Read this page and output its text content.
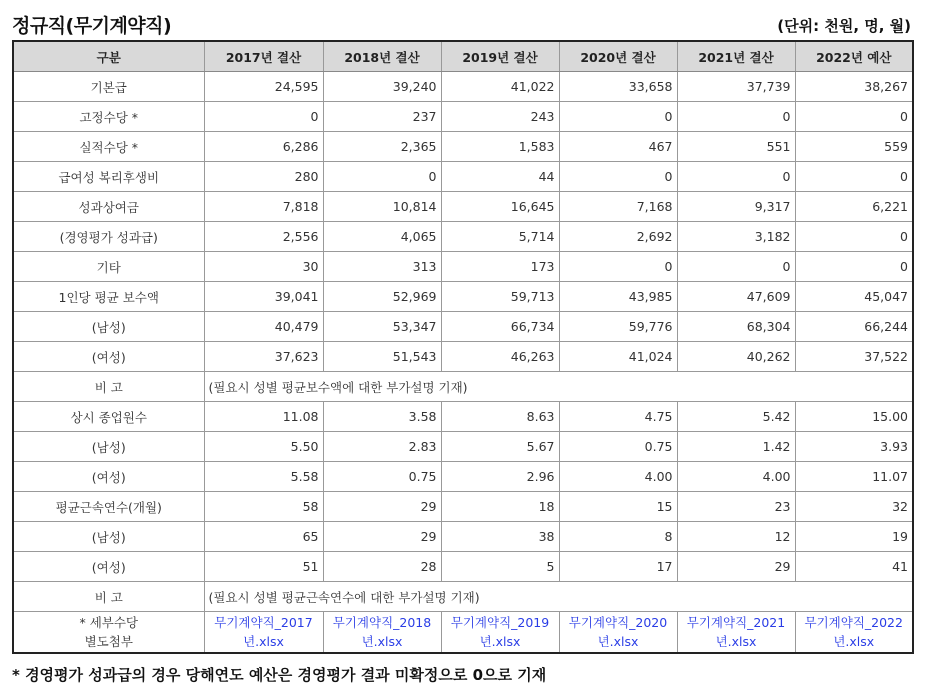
정규직(무기계약직)	(단위: 천원, 명, 월)
구분	2017년 결산	2018년 결산	2019년 결산	2020년 결산	2021년 결산	2022년 예산
기본급	24,595	39,240	41,022	33,658	37,739	38,267
고정수당 *	0	237	243	0	0	0
실적수당 *	6,286	2,365	1,583	467	551	559
급여성 복리후생비	280	0	44	0	0	0
성과상여금	7,818	10,814	16,645	7,168	9,317	6,221
(경영평가 성과급)	2,556	4,065	5,714	2,692	3,182	0
기타	30	313	173	0	0	0
1인당 평균 보수액	39,041	52,969	59,713	43,985	47,609	45,047
(남성)	40,479	53,347	66,734	59,776	68,304	66,244
(여성)	37,623	51,543	46,263	41,024	40,262	37,522
비 고	(필요시 성별 평균보수액에 대한 부가설명 기재)					
상시 종업원수	11.08	3.58	8.63	4.75	5.42	15.00
(남성)	5.50	2.83	5.67	0.75	1.42	3.93
(여성)	5.58	0.75	2.96	4.00	4.00	11.07
평균근속연수(개월)	58	29	18	15	23	32
(남성)	65	29	38	8	12	19
(여성)	51	28	5	17	29	41
비 고	(필요시 성별 평균근속연수에 대한 부가설명 기재)					

* 세부수당
별도첨부	무기계약직_2017년.xlsx	무기계약직_2018년.xlsx	무기계약직_2019년.xlsx	무기계약직_2020년.xlsx	무기계약직_2021년.xlsx	무기계약직_2022년.xlsx
* 경영평가 성과급의 경우 당해연도 예산은 경영평가 결과 미확정으로 0으로 기재
